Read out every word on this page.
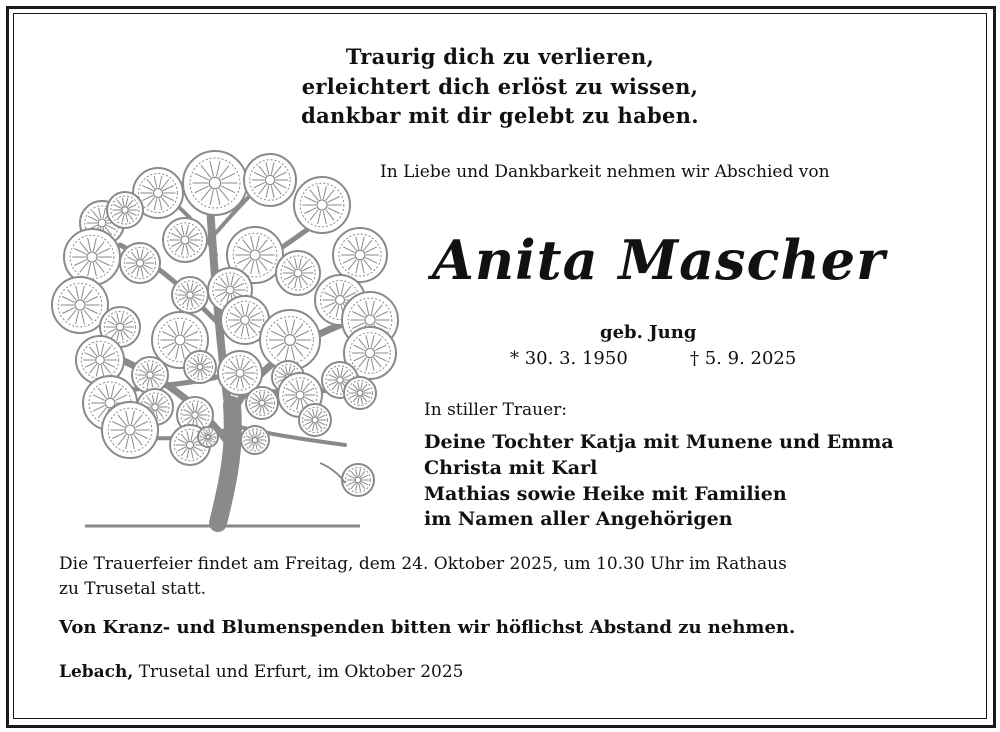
Traurig dich zu verlieren,
erleichtert dich erlöst zu wissen,
dankbar mit dir gelebt zu haben.
In Liebe und Dankbarkeit nehmen wir Abschied von
Anita Mascher
geb. Jung
* 30. 3. 1950	† 5. 9. 2025
In stiller Trauer:
Deine Tochter Katja mit Munene und Emma
Christa mit Karl
Mathias sowie Heike mit Familien
im Namen aller Angehörigen
Die Trauerfeier findet am Freitag, dem 24. Oktober 2025, um 10.30 Uhr im Rathaus
zu Trusetal statt.
Von Kranz- und Blumenspenden bitten wir höflichst Abstand zu nehmen.
Lebach, Trusetal und Erfurt, im Oktober 2025
